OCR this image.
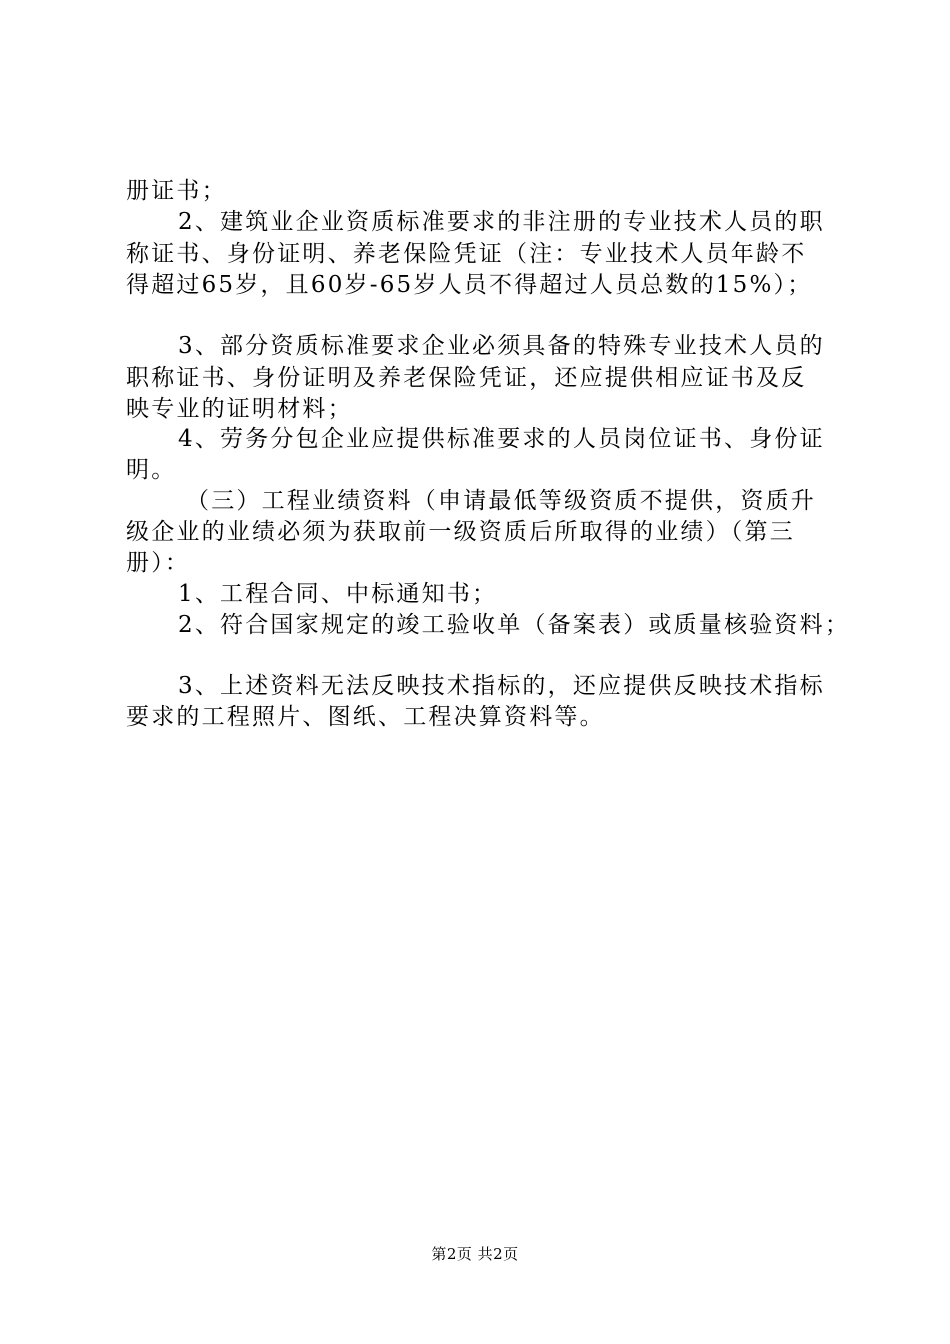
册证书；
2、建筑业企业资质标准要求的非注册的专业技术人员的职
称证书、身份证明、养老保险凭证（注：专业技术人员年龄不
得超过65岁，且60岁-65岁人员不得超过人员总数的15%）；
3、部分资质标准要求企业必须具备的特殊专业技术人员的
职称证书、身份证明及养老保险凭证，还应提供相应证书及反
映专业的证明材料；
4、劳务分包企业应提供标准要求的人员岗位证书、身份证
明。
（三）工程业绩资料（申请最低等级资质不提供，资质升
级企业的业绩必须为获取前一级资质后所取得的业绩）（第三
册）：
1、工程合同、中标通知书；
2、符合国家规定的竣工验收单（备案表）或质量核验资料；
3、上述资料无法反映技术指标的，还应提供反映技术指标
要求的工程照片、图纸、工程决算资料等。
第2页 共2页
